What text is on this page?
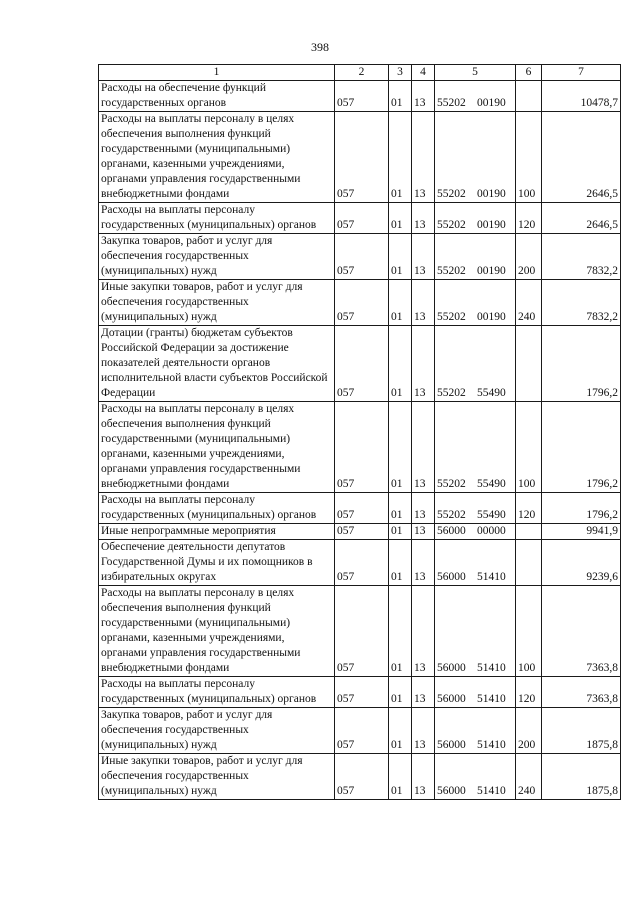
398
1	2	3	4	5	6	7
Расходы на обеспечение функций государственных органов	057	01	13	55202 00190		10478,7
Расходы на выплаты персоналу в целях обеспечения выполнения функций государственными (муниципальными) органами, казенными учреждениями, органами управления государственными внебюджетными фондами	057	01	13	55202 00190	100	2646,5
Расходы на выплаты персоналу государственных (муниципальных) органов	057	01	13	55202 00190	120	2646,5
Закупка товаров, работ и услуг для обеспечения государственных (муниципальных) нужд	057	01	13	55202 00190	200	7832,2
Иные закупки товаров, работ и услуг для обеспечения государственных (муниципальных) нужд	057	01	13	55202 00190	240	7832,2
Дотации (гранты) бюджетам субъектов Российской Федерации за достижение показателей деятельности органов исполнительной власти субъектов Российской Федерации	057	01	13	55202 55490		1796,2
Расходы на выплаты персоналу в целях обеспечения выполнения функций государственными (муниципальными) органами, казенными учреждениями, органами управления государственными внебюджетными фондами	057	01	13	55202 55490	100	1796,2
Расходы на выплаты персоналу государственных (муниципальных) органов	057	01	13	55202 55490	120	1796,2
Иные непрограммные мероприятия	057	01	13	56000 00000		9941,9
Обеспечение деятельности депутатов Государственной Думы и их помощников в избирательных округах	057	01	13	56000 51410		9239,6
Расходы на выплаты персоналу в целях обеспечения выполнения функций государственными (муниципальными) органами, казенными учреждениями, органами управления государственными внебюджетными фондами	057	01	13	56000 51410	100	7363,8
Расходы на выплаты персоналу государственных (муниципальных) органов	057	01	13	56000 51410	120	7363,8
Закупка товаров, работ и услуг для обеспечения государственных (муниципальных) нужд	057	01	13	56000 51410	200	1875,8
Иные закупки товаров, работ и услуг для обеспечения государственных (муниципальных) нужд	057	01	13	56000 51410	240	1875,8
